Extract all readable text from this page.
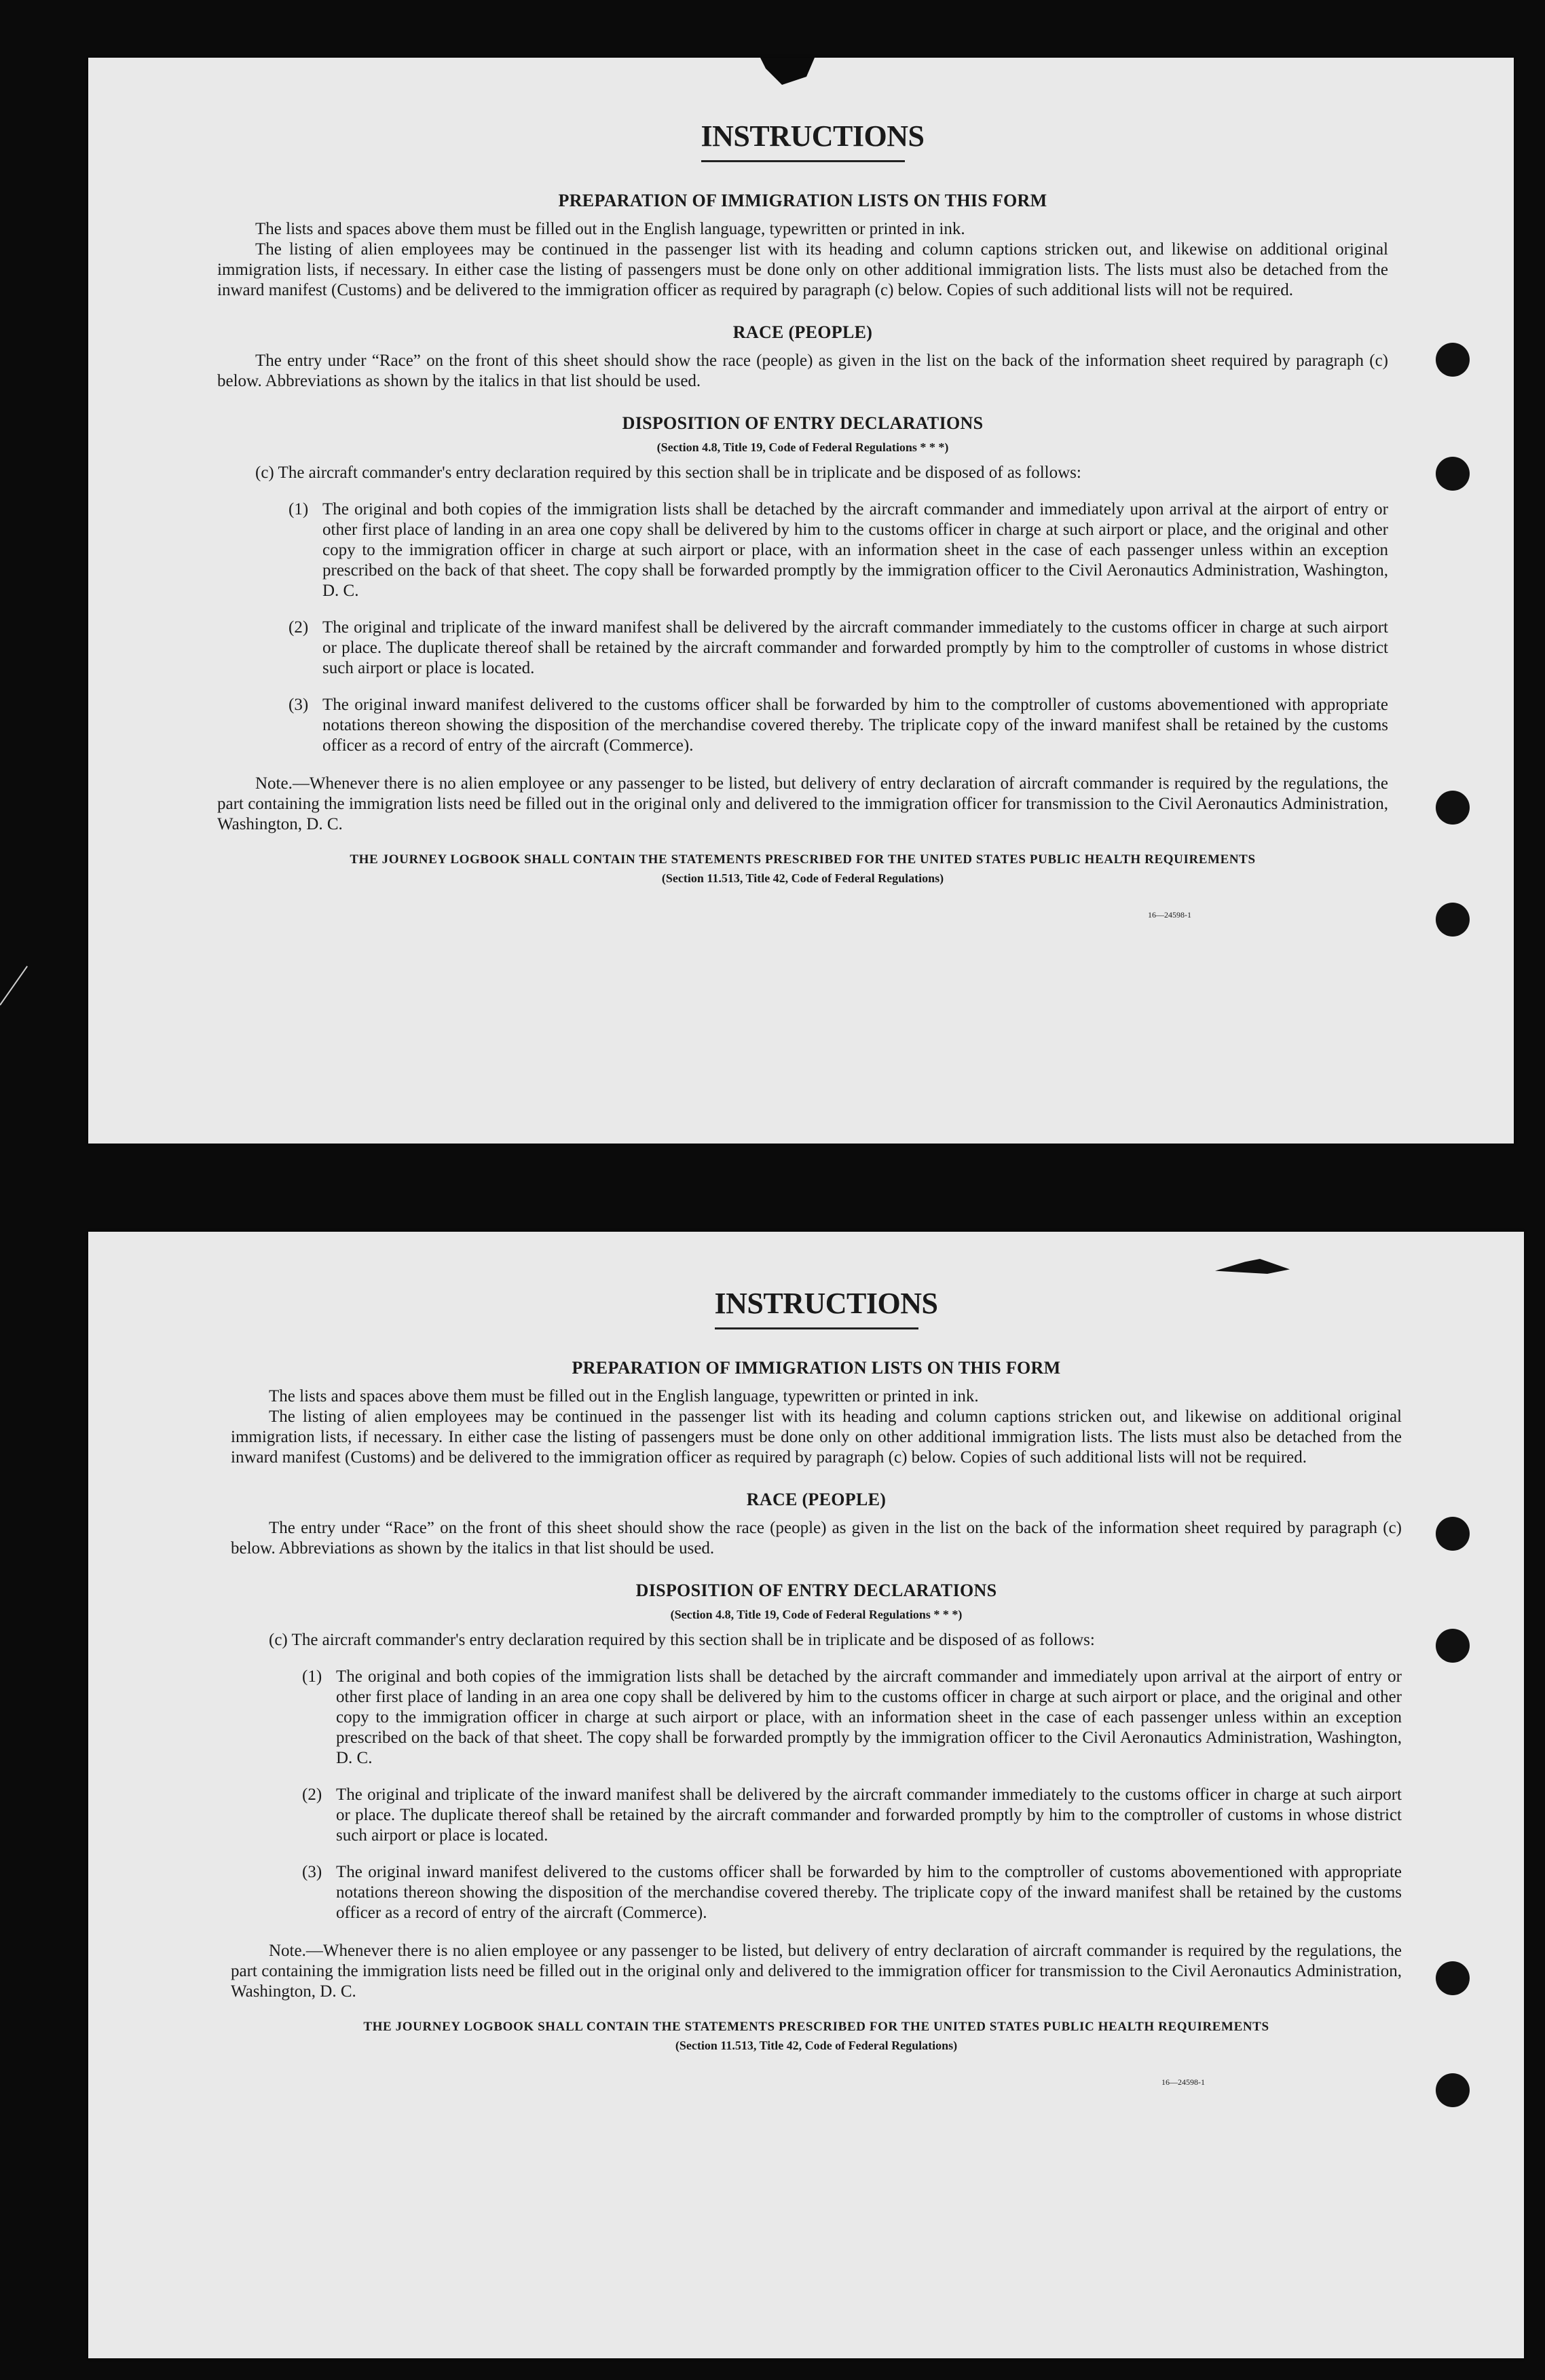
INSTRUCTIONS
PREPARATION OF IMMIGRATION LISTS ON THIS FORM

The lists and spaces above them must be filled out in the English language, typewritten or printed in ink.

The listing of alien employees may be continued in the passenger list with its heading and column captions stricken out, and likewise on additional original immigration lists, if necessary. In either case the listing of passengers must be done only on other additional immigration lists. The lists must also be detached from the inward manifest (Customs) and be delivered to the immigration officer as required by paragraph (c) below. Copies of such additional lists will not be required.

RACE (PEOPLE)

The entry under “Race” on the front of this sheet should show the race (people) as given in the list on the back of the information sheet required by paragraph (c) below. Abbreviations as shown by the italics in that list should be used.

DISPOSITION OF ENTRY DECLARATIONS
(Section 4.8, Title 19, Code of Federal Regulations * * *)

(c) The aircraft commander's entry declaration required by this section shall be in triplicate and be disposed of as follows:

(1) The original and both copies of the immigration lists shall be detached by the aircraft commander and immediately upon arrival at the airport of entry or other first place of landing in an area one copy shall be delivered by him to the customs officer in charge at such airport or place, and the original and other copy to the immigration officer in charge at such airport or place, with an information sheet in the case of each passenger unless within an exception prescribed on the back of that sheet. The copy shall be forwarded promptly by the immigration officer to the Civil Aeronautics Administration, Washington, D. C.
(2) The original and triplicate of the inward manifest shall be delivered by the aircraft commander immediately to the customs officer in charge at such airport or place. The duplicate thereof shall be retained by the aircraft commander and forwarded promptly by him to the comptroller of customs in whose district such airport or place is located.
(3) The original inward manifest delivered to the customs officer shall be forwarded by him to the comptroller of customs abovementioned with appropriate notations thereon showing the disposition of the merchandise covered thereby. The triplicate copy of the inward manifest shall be retained by the customs officer as a record of entry of the aircraft (Commerce).

Note.—Whenever there is no alien employee or any passenger to be listed, but delivery of entry declaration of aircraft commander is required by the regulations, the part containing the immigration lists need be filled out in the original only and delivered to the immigration officer for transmission to the Civil Aeronautics Administration, Washington, D. C.

THE JOURNEY LOGBOOK SHALL CONTAIN THE STATEMENTS PRESCRIBED FOR THE UNITED STATES PUBLIC HEALTH REQUIREMENTS
(Section 11.513, Title 42, Code of Federal Regulations)
16—24598-1
INSTRUCTIONS
PREPARATION OF IMMIGRATION LISTS ON THIS FORM

The lists and spaces above them must be filled out in the English language, typewritten or printed in ink.

The listing of alien employees may be continued in the passenger list with its heading and column captions stricken out, and likewise on additional original immigration lists, if necessary. In either case the listing of passengers must be done only on other additional immigration lists. The lists must also be detached from the inward manifest (Customs) and be delivered to the immigration officer as required by paragraph (c) below. Copies of such additional lists will not be required.

RACE (PEOPLE)

The entry under “Race” on the front of this sheet should show the race (people) as given in the list on the back of the information sheet required by paragraph (c) below. Abbreviations as shown by the italics in that list should be used.

DISPOSITION OF ENTRY DECLARATIONS
(Section 4.8, Title 19, Code of Federal Regulations * * *)

(c) The aircraft commander's entry declaration required by this section shall be in triplicate and be disposed of as follows:

(1) The original and both copies of the immigration lists shall be detached by the aircraft commander and immediately upon arrival at the airport of entry or other first place of landing in an area one copy shall be delivered by him to the customs officer in charge at such airport or place, and the original and other copy to the immigration officer in charge at such airport or place, with an information sheet in the case of each passenger unless within an exception prescribed on the back of that sheet. The copy shall be forwarded promptly by the immigration officer to the Civil Aeronautics Administration, Washington, D. C.
(2) The original and triplicate of the inward manifest shall be delivered by the aircraft commander immediately to the customs officer in charge at such airport or place. The duplicate thereof shall be retained by the aircraft commander and forwarded promptly by him to the comptroller of customs in whose district such airport or place is located.
(3) The original inward manifest delivered to the customs officer shall be forwarded by him to the comptroller of customs abovementioned with appropriate notations thereon showing the disposition of the merchandise covered thereby. The triplicate copy of the inward manifest shall be retained by the customs officer as a record of entry of the aircraft (Commerce).

Note.—Whenever there is no alien employee or any passenger to be listed, but delivery of entry declaration of aircraft commander is required by the regulations, the part containing the immigration lists need be filled out in the original only and delivered to the immigration officer for transmission to the Civil Aeronautics Administration, Washington, D. C.

THE JOURNEY LOGBOOK SHALL CONTAIN THE STATEMENTS PRESCRIBED FOR THE UNITED STATES PUBLIC HEALTH REQUIREMENTS
(Section 11.513, Title 42, Code of Federal Regulations)
16—24598-1
